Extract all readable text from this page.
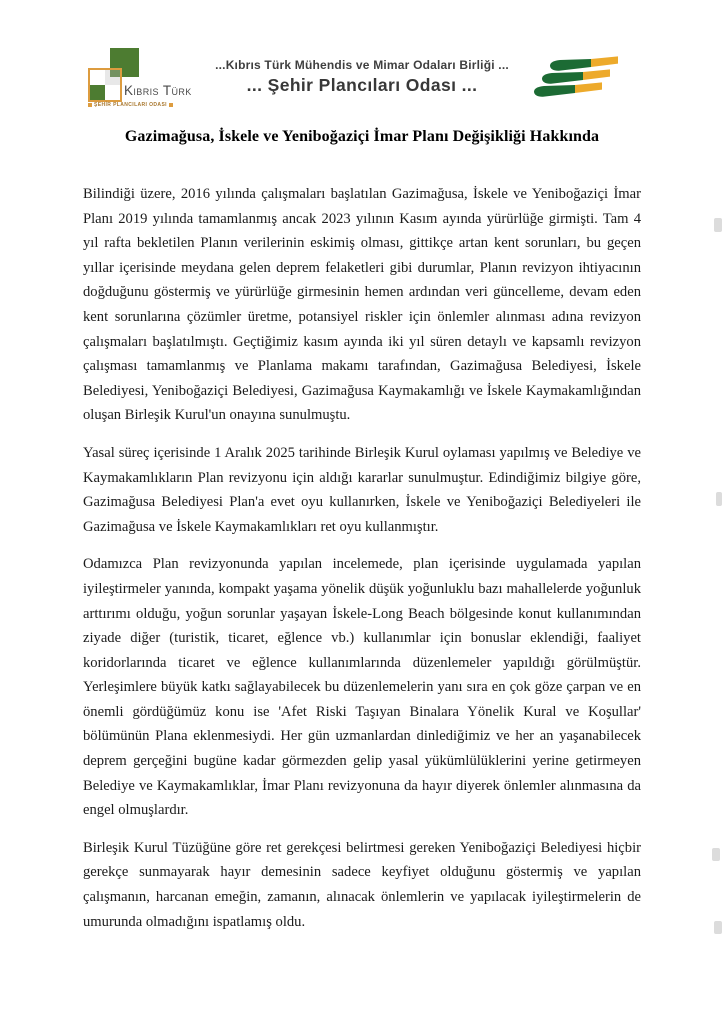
Kıbrıs Türk
ŞEHİR PLANCILARI ODASI
...Kıbrıs Türk Mühendis ve Mimar Odaları Birliği ...
... Şehir Plancıları Odası ...
Gazimağusa, İskele ve Yeniboğaziçi İmar Planı Değişikliği Hakkında

Bilindiği üzere, 2016 yılında çalışmaları başlatılan Gazimağusa, İskele ve Yeniboğaziçi İmar Planı 2019 yılında tamamlanmış ancak 2023 yılının Kasım ayında yürürlüğe girmişti. Tam 4 yıl rafta bekletilen Planın verilerinin eskimiş olması, gittikçe artan kent sorunları, bu geçen yıllar içerisinde meydana gelen deprem felaketleri gibi durumlar, Planın revizyon ihtiyacının doğduğunu göstermiş ve yürürlüğe girmesinin hemen ardından veri güncelleme, devam eden kent sorunlarına çözümler üretme, potansiyel riskler için önlemler alınması adına revizyon çalışmaları başlatılmıştı. Geçtiğimiz kasım ayında iki yıl süren detaylı ve kapsamlı revizyon çalışması tamamlanmış ve Planlama makamı tarafından, Gazimağusa Belediyesi, İskele Belediyesi, Yeniboğaziçi Belediyesi, Gazimağusa Kaymakamlığı ve İskele Kaymakamlığından oluşan Birleşik Kurul'un onayına sunulmuştu.

Yasal süreç içerisinde 1 Aralık 2025 tarihinde Birleşik Kurul oylaması yapılmış ve Belediye ve Kaymakamlıkların Plan revizyonu için aldığı kararlar sunulmuştur. Edindiğimiz bilgiye göre, Gazimağusa Belediyesi Plan'a evet oyu kullanırken, İskele ve Yeniboğaziçi Belediyeleri ile Gazimağusa ve İskele Kaymakamlıkları ret oyu kullanmıştır.

Odamızca Plan revizyonunda yapılan incelemede, plan içerisinde uygulamada yapılan iyileştirmeler yanında, kompakt yaşama yönelik düşük yoğunluklu bazı mahallelerde yoğunluk arttırımı olduğu, yoğun sorunlar yaşayan İskele-Long Beach bölgesinde konut kullanımından ziyade diğer (turistik, ticaret, eğlence vb.) kullanımlar için bonuslar eklendiği, faaliyet koridorlarında ticaret ve eğlence kullanımlarında düzenlemeler yapıldığı görülmüştür. Yerleşimlere büyük katkı sağlayabilecek bu düzenlemelerin yanı sıra en çok göze çarpan ve en önemli gördüğümüz konu ise 'Afet Riski Taşıyan Binalara Yönelik Kural ve Koşullar' bölümünün Plana eklenmesiydi. Her gün uzmanlardan dinlediğimiz ve her an yaşanabilecek deprem gerçeğini bugüne kadar görmezden gelip yasal yükümlülüklerini yerine getirmeyen Belediye ve Kaymakamlıklar, İmar Planı revizyonuna da hayır diyerek önlemler alınmasına da engel olmuşlardır.

Birleşik Kurul Tüzüğüne göre ret gerekçesi belirtmesi gereken Yeniboğaziçi Belediyesi hiçbir gerekçe sunmayarak hayır demesinin sadece keyfiyet olduğunu göstermiş ve yapılan çalışmanın, harcanan emeğin, zamanın, alınacak önlemlerin ve yapılacak iyileştirmelerin de umurunda olmadığını ispatlamış oldu.
